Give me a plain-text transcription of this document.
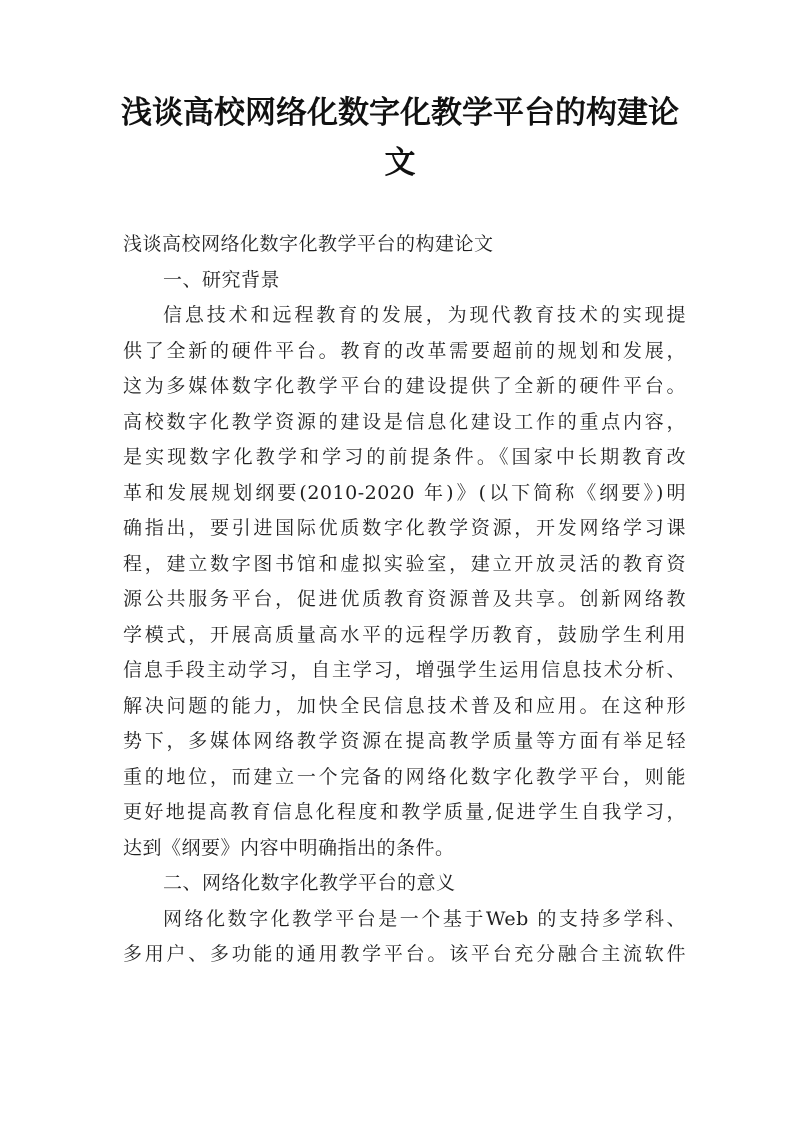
浅谈高校网络化数字化教学平台的构建论
文
浅谈高校网络化数字化教学平台的构建论文
一、研究背景
信息技术和远程教育的发展，为现代教育技术的实现提
供了全新的硬件平台。教育的改革需要超前的规划和发展，
这为多媒体数字化教学平台的建设提供了全新的硬件平台。
高校数字化教学资源的建设是信息化建设工作的重点内容，
是实现数字化教学和学习的前提条件。《国家中长期教育改
革和发展规划纲要(2010-2020 年)》(以下简称《纲要》)明
确指出，要引进国际优质数字化教学资源，开发网络学习课
程，建立数字图书馆和虚拟实验室，建立开放灵活的教育资
源公共服务平台，促进优质教育资源普及共享。创新网络教
学模式，开展高质量高水平的远程学历教育，鼓励学生利用
信息手段主动学习，自主学习，增强学生运用信息技术分析、
解决问题的能力，加快全民信息技术普及和应用。在这种形
势下，多媒体网络教学资源在提高教学质量等方面有举足轻
重的地位，而建立一个完备的网络化数字化教学平台，则能
更好地提高教育信息化程度和教学质量,促进学生自我学习，
达到《纲要》内容中明确指出的条件。
二、网络化数字化教学平台的意义
网络化数字化教学平台是一个基于Web 的支持多学科、
多用户、多功能的通用教学平台。该平台充分融合主流软件
